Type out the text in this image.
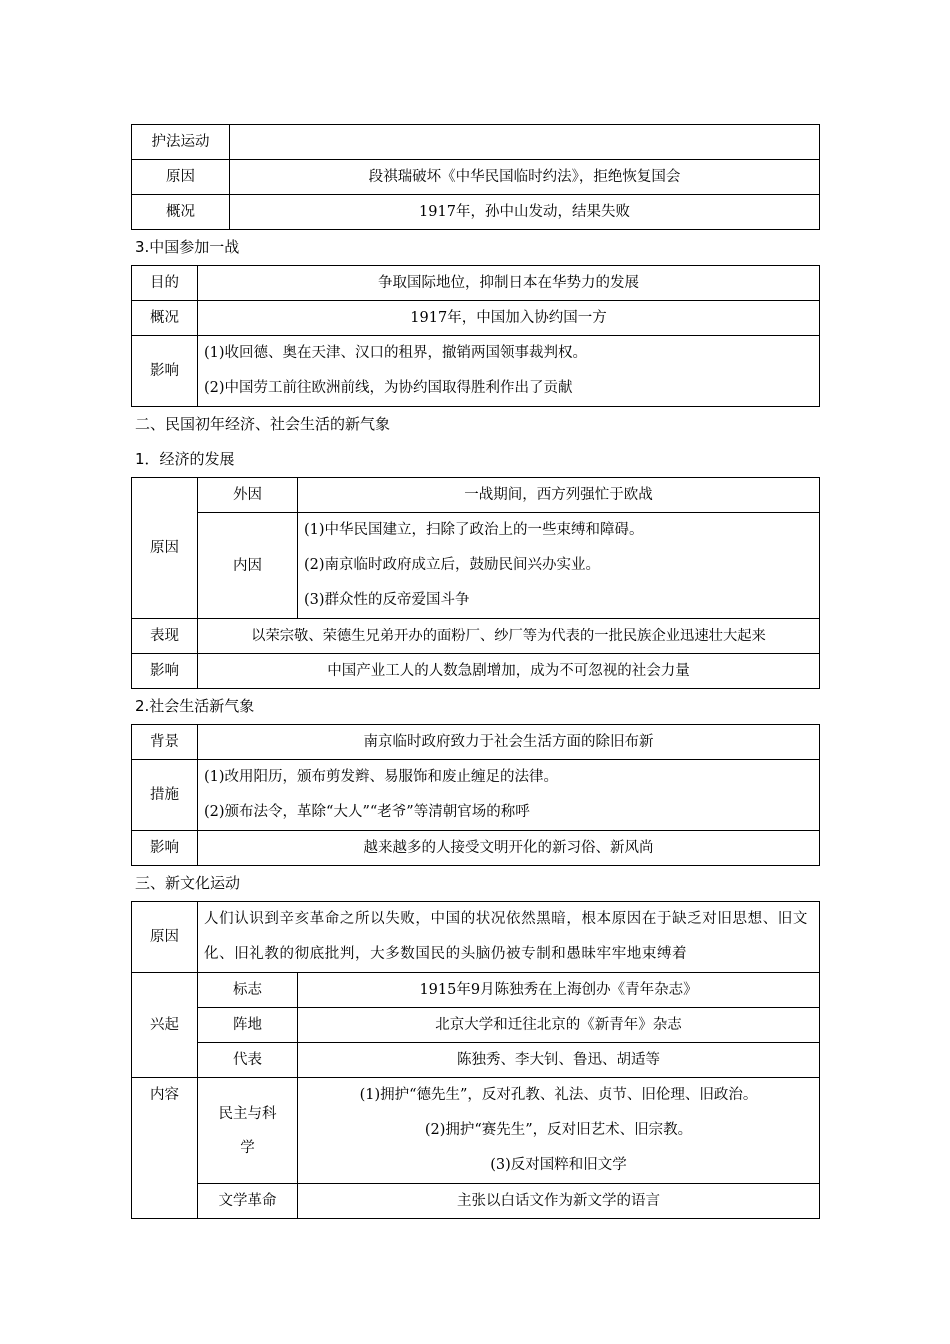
护法运动	
原因	段祺瑞破坏《中华民国临时约法》，拒绝恢复国会
概况	1917年，孙中山发动，结果失败
3.中国参加一战
目的	争取国际地位，抑制日本在华势力的发展
概况	1917年，中国加入协约国一方
影响	(1)收回德、奥在天津、汉口的租界，撤销两国领事裁判权。
(2)中国劳工前往欧洲前线，为协约国取得胜利作出了贡献
二、民国初年经济、社会生活的新气象
1．经济的发展
原因	外因	一战期间，西方列强忙于欧战
	内因	(1)中华民国建立，扫除了政治上的一些束缚和障碍。
(2)南京临时政府成立后，鼓励民间兴办实业。
(3)群众性的反帝爱国斗争

表现	以荣宗敬、荣德生兄弟开办的面粉厂、纱厂等为代表的一批民族企业迅速壮大起来	
影响	中国产业工人的人数急剧增加，成为不可忽视的社会力量	
2.社会生活新气象
背景	南京临时政府致力于社会生活方面的除旧布新
措施	(1)改用阳历，颁布剪发辫、易服饰和废止缠足的法律。
(2)颁布法令，革除“大人”“老爷”等清朝官场的称呼

影响	越来越多的人接受文明开化的新习俗、新风尚
三、新文化运动
原因	人们认识到辛亥革命之所以失败，中国的状况依然黑暗，根本原因在于缺乏对旧思想、旧文化、旧礼教的彻底批判，大多数国民的头脑仍被专制和愚昧牢牢地束缚着	
兴起	标志	1915年9月陈独秀在上海创办《青年杂志》
	阵地	北京大学和迁往北京的《新青年》杂志
	代表	陈独秀、李大钊、鲁迅、胡适等
内容	民主与科学	(1)拥护“德先生”，反对孔教、礼法、贞节、旧伦理、旧政治。
(2)拥护“赛先生”，反对旧艺术、旧宗教。
(3)反对国粹和旧文学

	文学革命	主张以白话文作为新文学的语言
